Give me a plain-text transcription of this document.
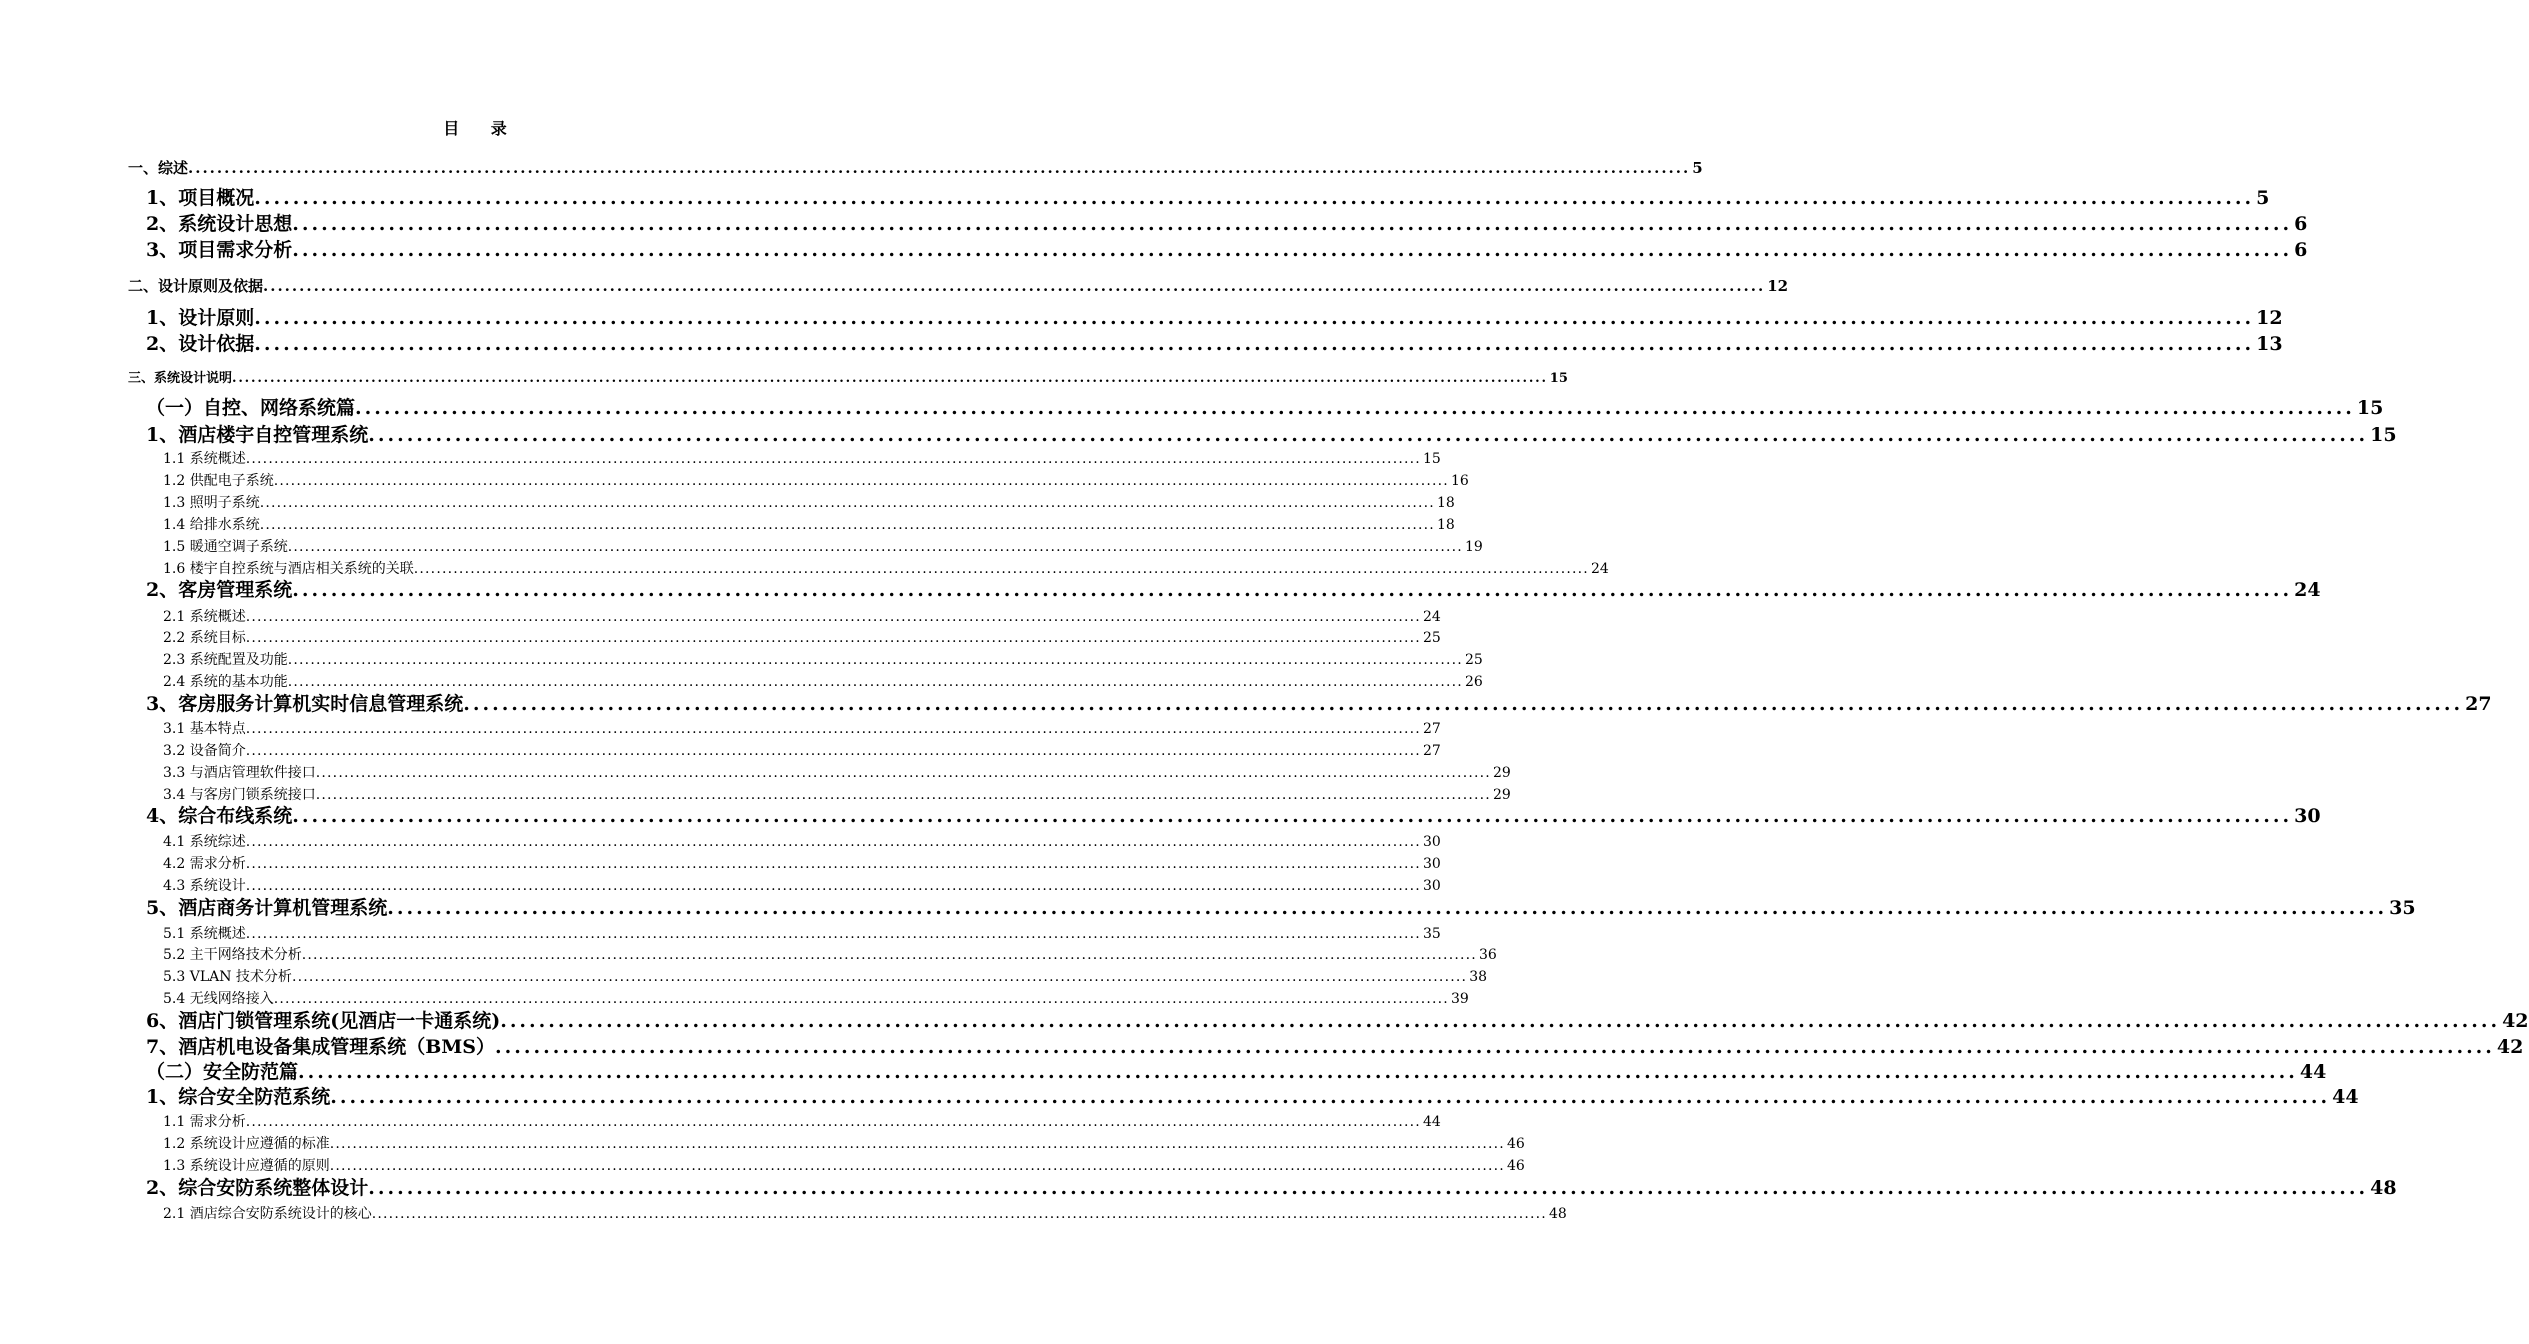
目 录
一、综述 ................................................................................................................................................................................................................ 5
1、项目概况 ................................................................................................................................................................................................................ 5
2、系统设计思想 ................................................................................................................................................................................................................ 6
3、项目需求分析 ................................................................................................................................................................................................................ 6
二、设计原则及依据 ................................................................................................................................................................................................................ 12
1、设计原则 ................................................................................................................................................................................................................ 12
2、设计依据 ................................................................................................................................................................................................................ 13
三、系统设计说明 ................................................................................................................................................................................................................ 15
（一）自控、网络系统篇 ................................................................................................................................................................................................................ 15
1、酒店楼宇自控管理系统 ................................................................................................................................................................................................................ 15
1.1 系统概述 ................................................................................................................................................................................................................ 15
1.2 供配电子系统 ................................................................................................................................................................................................................ 16
1.3 照明子系统 ................................................................................................................................................................................................................ 18
1.4 给排水系统 ................................................................................................................................................................................................................ 18
1.5 暖通空调子系统 ................................................................................................................................................................................................................ 19
1.6 楼宇自控系统与酒店相关系统的关联 ................................................................................................................................................................................................................ 24
2、客房管理系统 ................................................................................................................................................................................................................ 24
2.1 系统概述 ................................................................................................................................................................................................................ 24
2.2 系统目标 ................................................................................................................................................................................................................ 25
2.3 系统配置及功能 ................................................................................................................................................................................................................ 25
2.4 系统的基本功能 ................................................................................................................................................................................................................ 26
3、客房服务计算机实时信息管理系统 ................................................................................................................................................................................................................ 27
3.1 基本特点 ................................................................................................................................................................................................................ 27
3.2 设备简介 ................................................................................................................................................................................................................ 27
3.3 与酒店管理软件接口 ................................................................................................................................................................................................................ 29
3.4 与客房门锁系统接口 ................................................................................................................................................................................................................ 29
4、综合布线系统 ................................................................................................................................................................................................................ 30
4.1 系统综述 ................................................................................................................................................................................................................ 30
4.2 需求分析 ................................................................................................................................................................................................................ 30
4.3 系统设计 ................................................................................................................................................................................................................ 30
5、酒店商务计算机管理系统 ................................................................................................................................................................................................................ 35
5.1 系统概述 ................................................................................................................................................................................................................ 35
5.2 主干网络技术分析 ................................................................................................................................................................................................................ 36
5.3 VLAN 技术分析 ................................................................................................................................................................................................................ 38
5.4 无线网络接入 ................................................................................................................................................................................................................ 39
6、酒店门锁管理系统(见酒店一卡通系统) ................................................................................................................................................................................................................ 42
7、酒店机电设备集成管理系统（BMS） ................................................................................................................................................................................................................ 42
（二）安全防范篇 ................................................................................................................................................................................................................ 44
1、综合安全防范系统 ................................................................................................................................................................................................................ 44
1.1 需求分析 ................................................................................................................................................................................................................ 44
1.2 系统设计应遵循的标准 ................................................................................................................................................................................................................ 46
1.3 系统设计应遵循的原则 ................................................................................................................................................................................................................ 46
2、综合安防系统整体设计 ................................................................................................................................................................................................................ 48
2.1 酒店综合安防系统设计的核心 ................................................................................................................................................................................................................ 48
